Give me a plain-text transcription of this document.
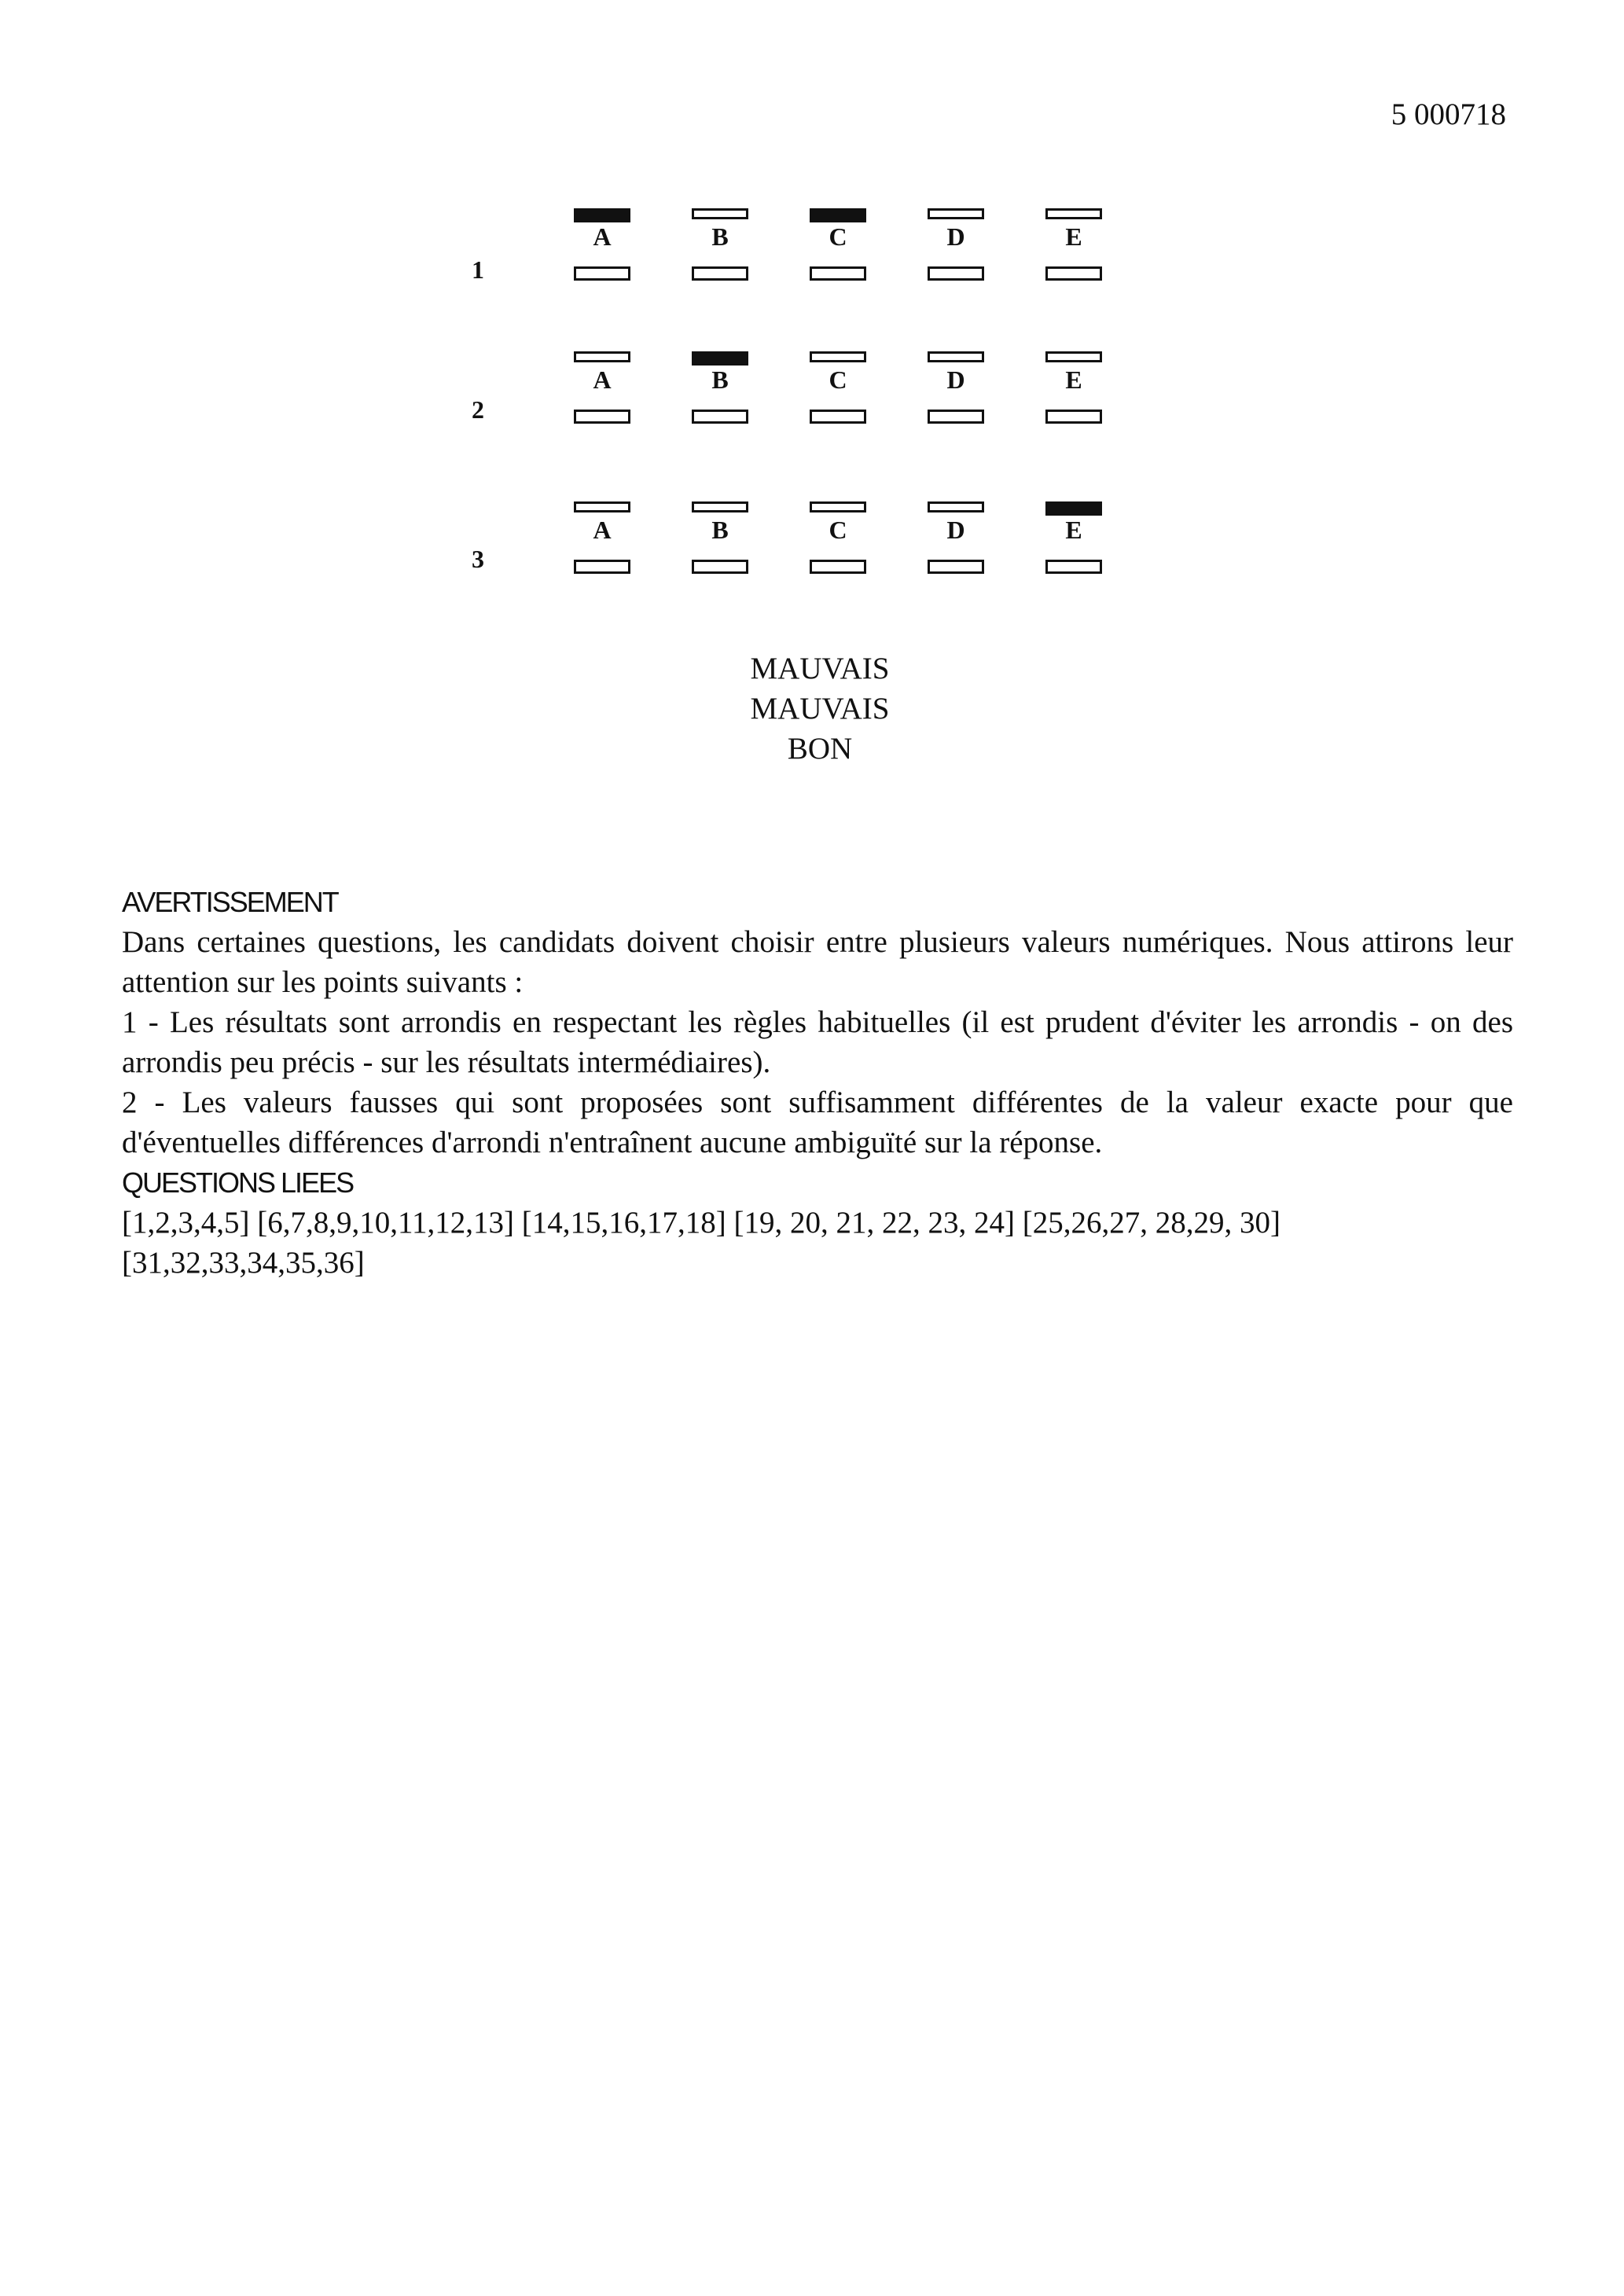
5 000718
1
A	B	C	D	E
2
A	B	C	D	E
3
A	B	C	D	E
MAUVAIS
MAUVAIS
BON
AVERTISSEMENT

Dans certaines questions, les candidats doivent choisir entre plusieurs valeurs numériques. Nous attirons leur attention sur les points suivants :

1 - Les résultats sont arrondis en respectant les règles habituelles (il est prudent d'éviter les arrondis - on des arrondis peu précis - sur les résultats intermédiaires).

2 - Les valeurs fausses qui sont proposées sont suffisamment différentes de la valeur exacte pour que d'éventuelles différences d'arrondi n'entraînent aucune ambiguïté sur la réponse.

QUESTIONS LIEES
[1,2,3,4,5] [6,7,8,9,10,11,12,13] [14,15,16,17,18] [19, 20, 21, 22, 23, 24] [25,26,27, 28,29, 30] [31,32,33,34,35,36]
